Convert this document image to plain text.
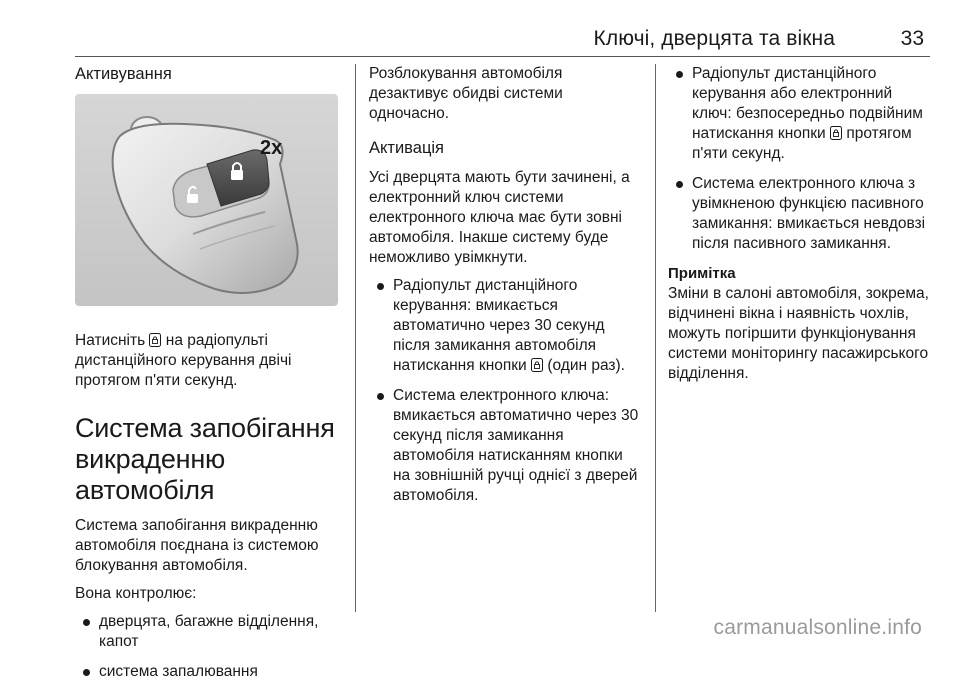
Ключі, дверцята та вікна	33
Активування
2x
Натисніть на радіопульті дистанційного керування двічі протягом п'яти секунд.
Система запобігання викраденню автомобіля
Система запобігання викраденню автомобіля поєднана із системою блокування автомобіля.
Вона контролює:
дверцята, багажне відділення, капот
система запалювання
Розблокування автомобіля дезактивує обидві системи одночасно.
Активація
Усі дверцята мають бути зачинені, а електронний ключ системи електронного ключа має бути зовні автомобіля. Інакше систему буде неможливо увімкнути.
Радіопульт дистанційного керування: вмикається автоматично через 30 секунд після замикання автомобіля натискання кнопки (один раз).
Система електронного ключа: вмикається автоматично через 30 секунд після замикання автомобіля натисканням кнопки на зовнішній ручці однієї з дверей автомобіля.
Радіопульт дистанційного керування або електронний ключ: безпосередньо подвійним натискання кнопки протягом п'яти секунд.
Система електронного ключа з увімкненою функцією пасивного замикання: вмикається невдовзі після пасивного замикання.
Примітка
Зміни в салоні автомобіля, зокрема, відчинені вікна і наявність чохлів, можуть погіршити функціонування системи моніторингу пасажирського відділення.
carmanualsonline.info
